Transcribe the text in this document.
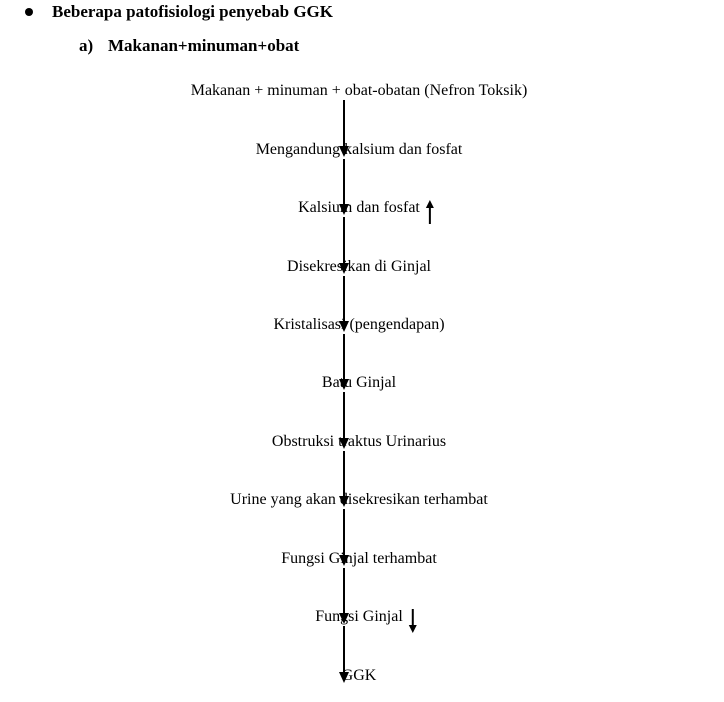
Beberapa patofisiologi penyebab GGK
a) Makanan+minuman+obat
Makanan + minuman + obat-obatan (Nefron Toksik)
Mengandung kalsium dan fosfat
Kalsium dan fosfat
Disekresikan di Ginjal
Kristalisasi (pengendapan)
Batu Ginjal
Obstruksi traktus Urinarius
Urine yang akan disekresikan terhambat
Fungsi Ginjal terhambat
Fungsi Ginjal
GGK
